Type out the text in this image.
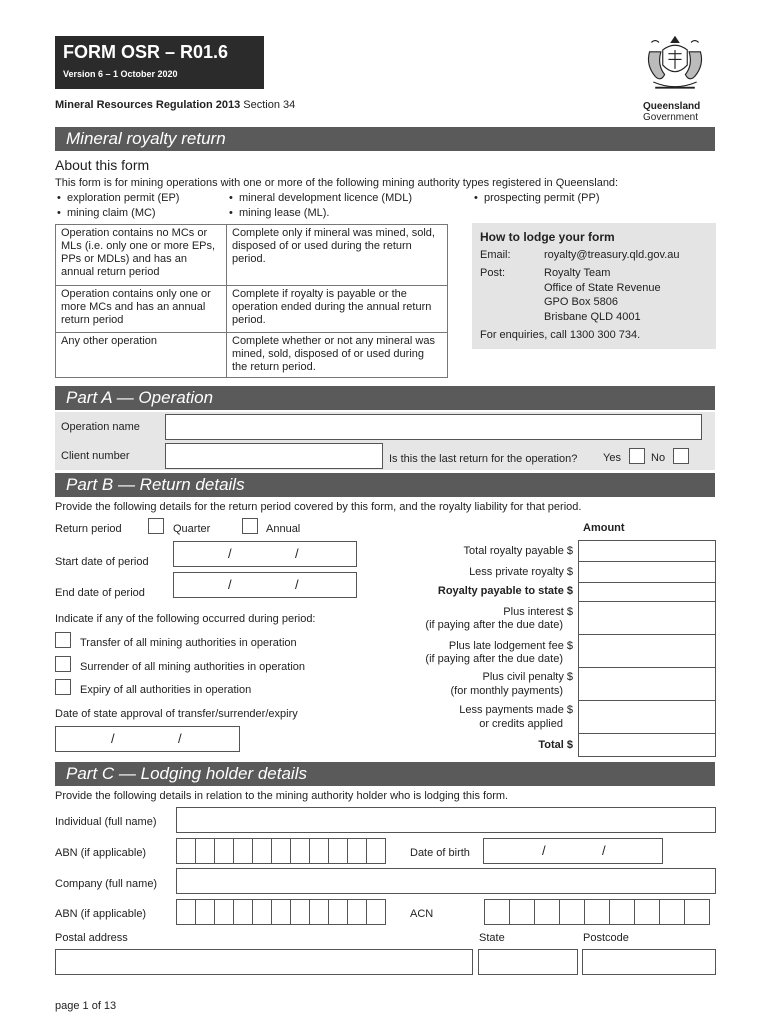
FORM OSR – R01.6
Version 6 – 1 October 2020
Mineral Resources Regulation 2013 Section 34	Queensland
Government
Mineral royalty return
About this form
This form is for mining operations with one or more of the following mining authority types registered in Queensland:
•  exploration permit (EP)	•  mineral development licence (MDL)	•  prospecting permit (PP)
•  mining claim (MC)	•  mining lease (ML).
Operation contains no MCs or MLs (i.e. only one or more EPs, PPs or MDLs) and has an annual return period	Complete only if mineral was mined, sold, disposed of or used during the return period.
Operation contains only one or more MCs and has an annual return period	Complete if royalty is payable or the operation ended during the annual return period.
Any other operation	Complete whether or not any mineral was mined, sold, disposed of or used during the return period.
How to lodge your form
Email:	royalty@treasury.qld.gov.au
Post:	Royalty Team
Office of State Revenue
GPO Box 5806
Brisbane QLD 4001
For enquiries, call 1300 300 734.
Part A — Operation
Operation name
Client number	Is this the last return for the operation? Yes	No
Part B — Return details
Provide the following details for the return period covered by this form, and the royalty liability for that period.
Return period	Quarter	Annual	Amount
Start date of period
/	/
End date of period
/	/
Indicate if any of the following occurred during period:
Transfer of all mining authorities in operation
Surrender of all mining authorities in operation
Expiry of all authorities in operation
Date of state approval of transfer/surrender/expiry
/	/
Total royalty payable $
Less private royalty $
Royalty payable to state $
Plus interest $
(if paying after the due date)
Plus late lodgement fee $
(if paying after the due date)
Plus civil penalty $
(for monthly payments)
Less payments made $
or credits applied
Total $
Part C — Lodging holder details
Provide the following details in relation to the mining authority holder who is lodging this form.
Individual (full name)
ABN (if applicable)	Date of birth	/	/
Company (full name)
ABN (if applicable)	ACN
Postal address	State	Postcode
page 1 of 13
